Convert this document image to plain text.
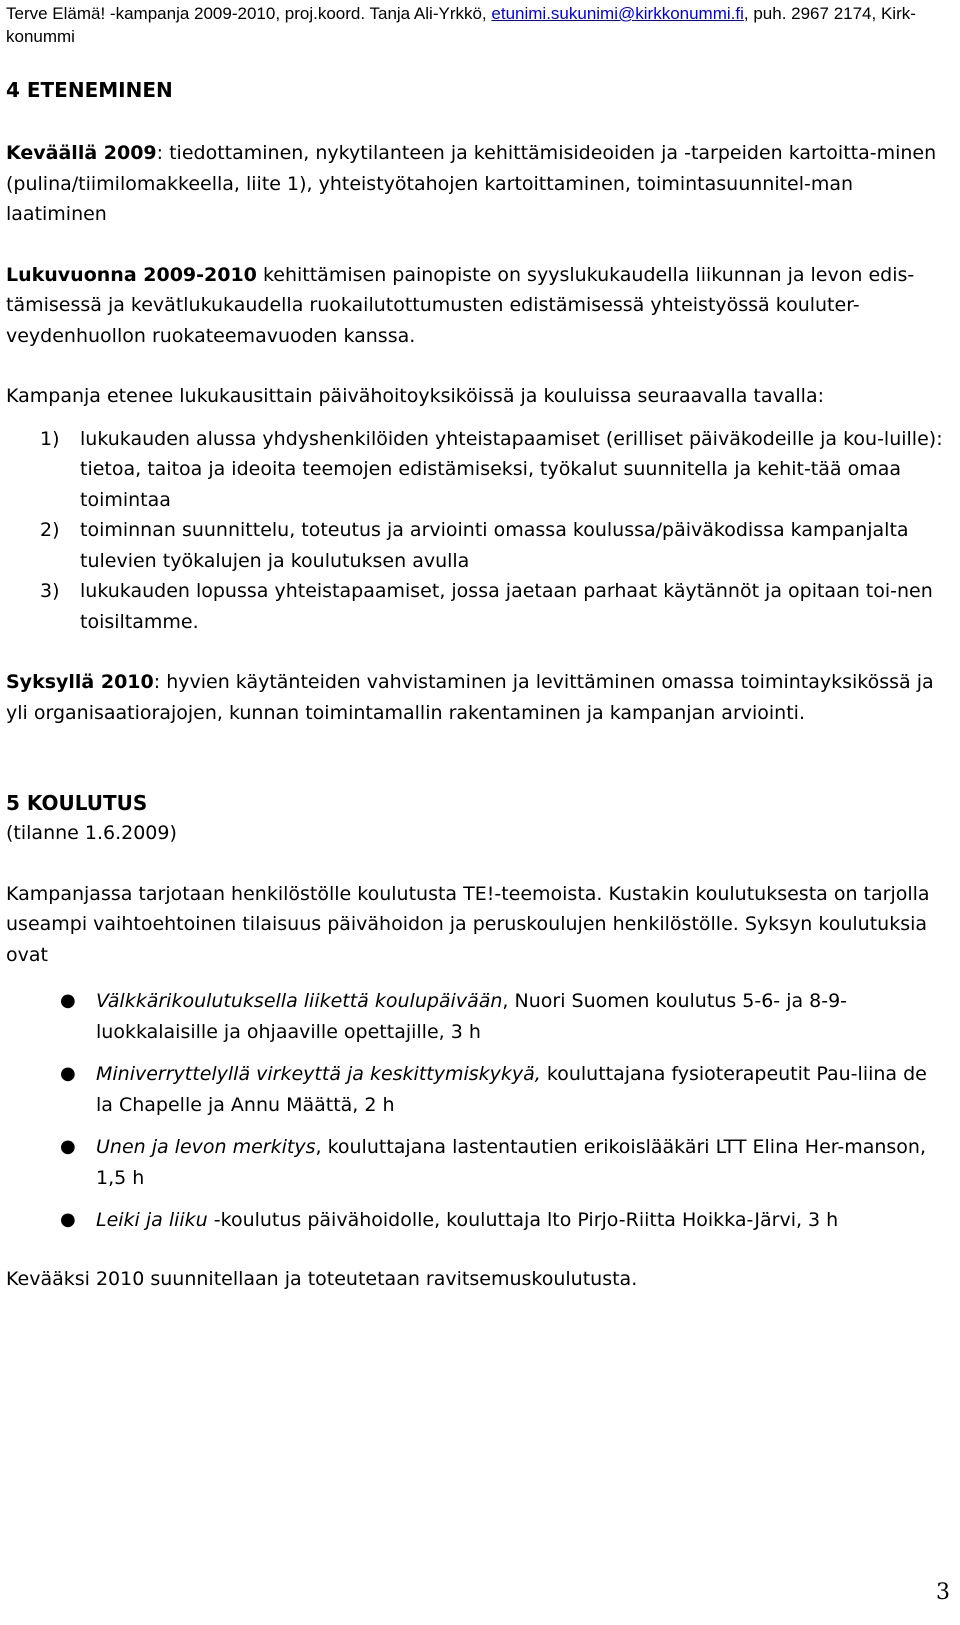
Terve Elämä! -kampanja 2009-2010, proj.koord. Tanja Ali-Yrkkö, etunimi.sukunimi@kirkkonummi.fi, puh. 2967 2174, Kirk-
konummi
4 ETENEMINEN

Keväällä 2009: tiedottaminen, nykytilanteen ja kehittämisideoiden ja -tarpeiden kartoitta-minen (pulina/tiimilomakkeella, liite 1), yhteistyötahojen kartoittaminen, toimintasuunnitel-man laatiminen

Lukuvuonna 2009-2010 kehittämisen painopiste on syyslukukaudella liikunnan ja levon edis-tämisessä ja kevätlukukaudella ruokailutottumusten edistämisessä yhteistyössä kouluter-veydenhuollon ruokateemavuoden kanssa.

Kampanja etenee lukukausittain päivähoitoyksiköissä ja kouluissa seuraavalla tavalla:

1)	lukukauden alussa yhdyshenkilöiden yhteistapaamiset (erilliset päiväkodeille ja kou-luille): tietoa, taitoa ja ideoita teemojen edistämiseksi, työkalut suunnitella ja kehit-tää omaa toimintaa
2)	toiminnan suunnittelu, toteutus ja arviointi omassa koulussa/päiväkodissa kampanjalta tulevien työkalujen ja koulutuksen avulla
3)	lukukauden lopussa yhteistapaamiset, jossa jaetaan parhaat käytännöt ja opitaan toi-nen toisiltamme.

Syksyllä 2010: hyvien käytänteiden vahvistaminen ja levittäminen omassa toimintayksikössä ja yli organisaatiorajojen, kunnan toimintamallin rakentaminen ja kampanjan arviointi.

5 KOULUTUS

(tilanne 1.6.2009)

Kampanjassa tarjotaan henkilöstölle koulutusta TE!-teemoista. Kustakin koulutuksesta on tarjolla useampi vaihtoehtoinen tilaisuus päivähoidon ja peruskoulujen henkilöstölle. Syksyn koulutuksia ovat

●	Välkkärikoulutuksella liikettä koulupäivään, Nuori Suomen koulutus 5-6- ja 8-9-luokkalaisille ja ohjaaville opettajille, 3 h
●	Miniverryttelyllä virkeyttä ja keskittymiskykyä, kouluttajana fysioterapeutit Pau-liina de la Chapelle ja Annu Määttä, 2 h
●	Unen ja levon merkitys, kouluttajana lastentautien erikoislääkäri LTT Elina Her-manson, 1,5 h
●	Leiki ja liiku -koulutus päivähoidolle, kouluttaja lto Pirjo-Riitta Hoikka-Järvi, 3 h

Kevääksi 2010 suunnitellaan ja toteutetaan ravitsemuskoulutusta.

3
